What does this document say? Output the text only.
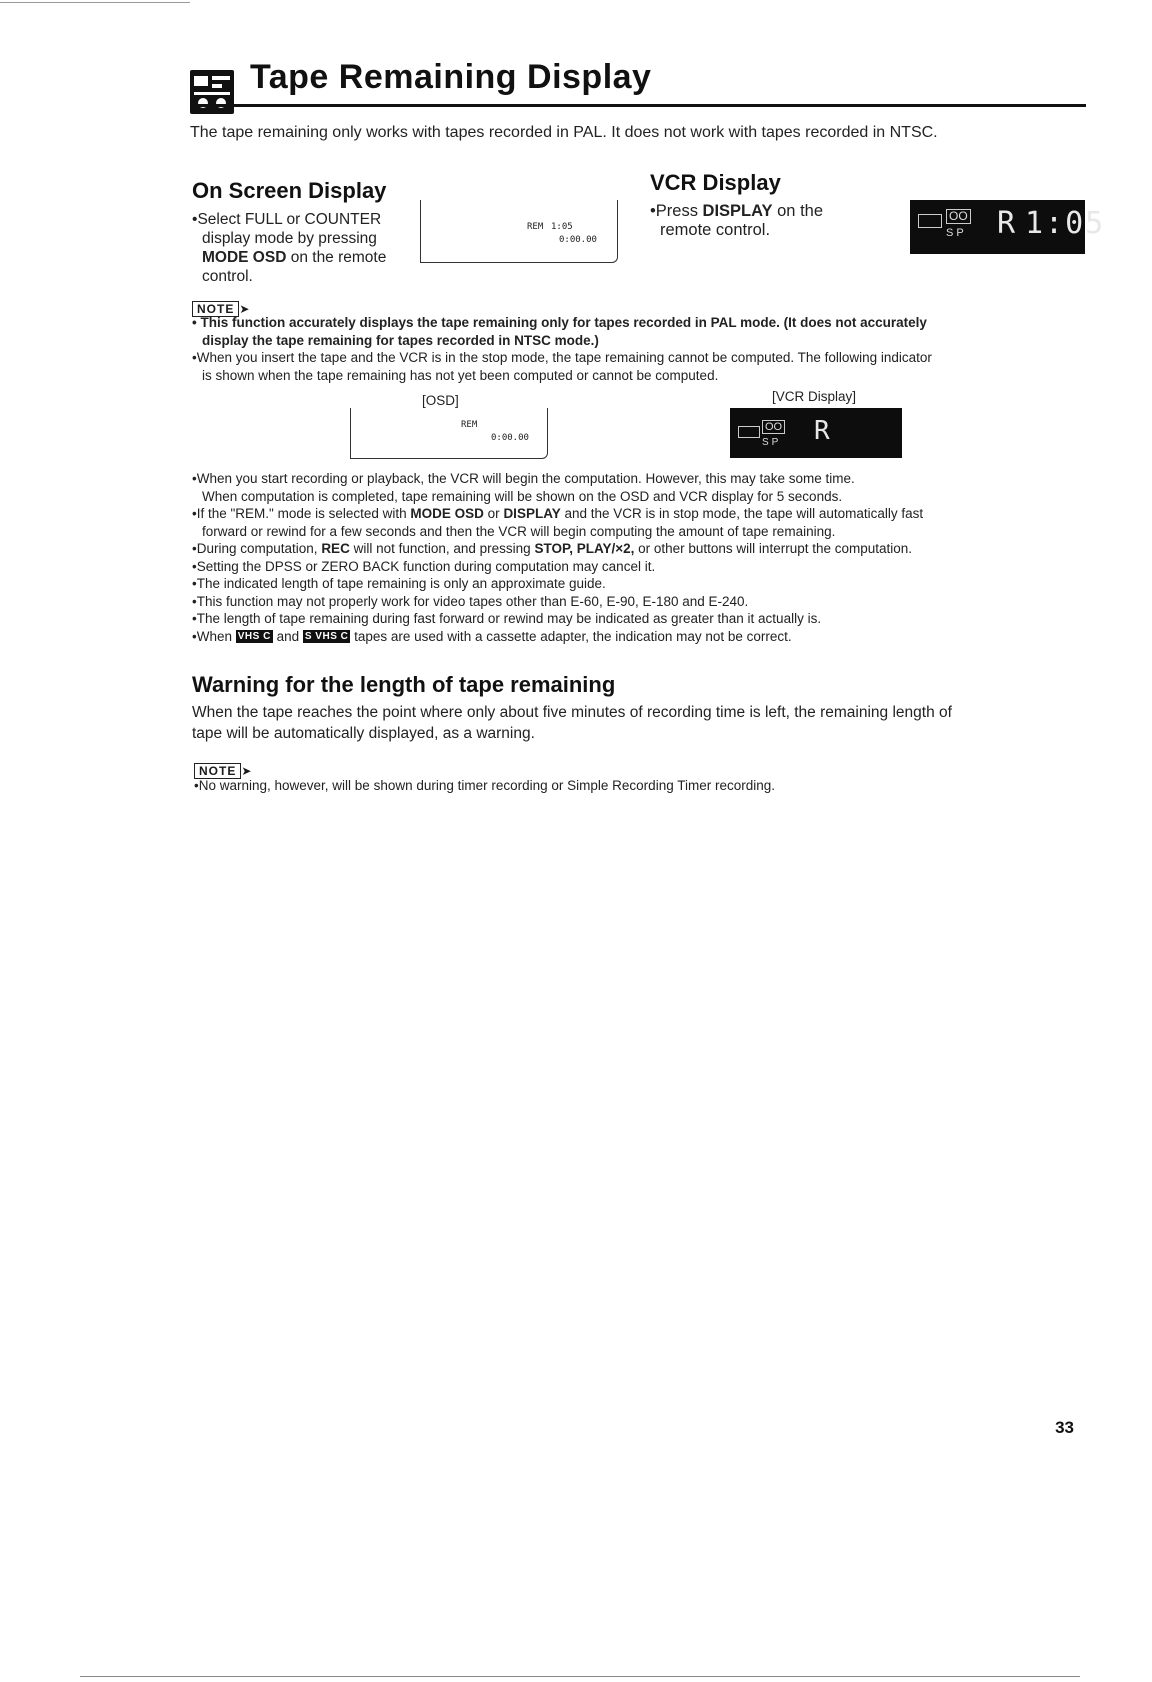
Tape Remaining Display
The tape remaining only works with tapes recorded in PAL. It does not work with tapes recorded in NTSC.
On Screen Display
•Select FULL or COUNTER
display mode by pressing
MODE OSD on the remote
control.
REM 1:05
0:00.00
VCR Display
•Press DISPLAY on the
remote control.
OO
SP R 1:05
NOTE ➤
• This function accurately displays the tape remaining only for tapes recorded in PAL mode. (It does not accurately
display the tape remaining for tapes recorded in NTSC mode.)
•When you insert the tape and the VCR is in the stop mode, the tape remaining cannot be computed. The following indicator
is shown when the tape remaining has not yet been computed or cannot be computed.
[OSD]	[VCR Display]
REM
0:00.00
OO
SP R
•When you start recording or playback, the VCR will begin the computation. However, this may take some time.
When computation is completed, tape remaining will be shown on the OSD and VCR display for 5 seconds.
•If the "REM." mode is selected with MODE OSD or DISPLAY and the VCR is in stop mode, the tape will automatically fast
forward or rewind for a few seconds and then the VCR will begin computing the amount of tape remaining.
•During computation, REC will not function, and pressing STOP, PLAY/×2, or other buttons will interrupt the computation.
•Setting the DPSS or ZERO BACK function during computation may cancel it.
•The indicated length of tape remaining is only an approximate guide.
•This function may not properly work for video tapes other than E-60, E-90, E-180 and E-240.
•The length of tape remaining during fast forward or rewind may be indicated as greater than it actually is.
•When VHS C and S VHS C tapes are used with a cassette adapter, the indication may not be correct.
Warning for the length of tape remaining
When the tape reaches the point where only about five minutes of recording time is left, the remaining length of
tape will be automatically displayed, as a warning.
NOTE ➤
•No warning, however, will be shown during timer recording or Simple Recording Timer recording.
33
